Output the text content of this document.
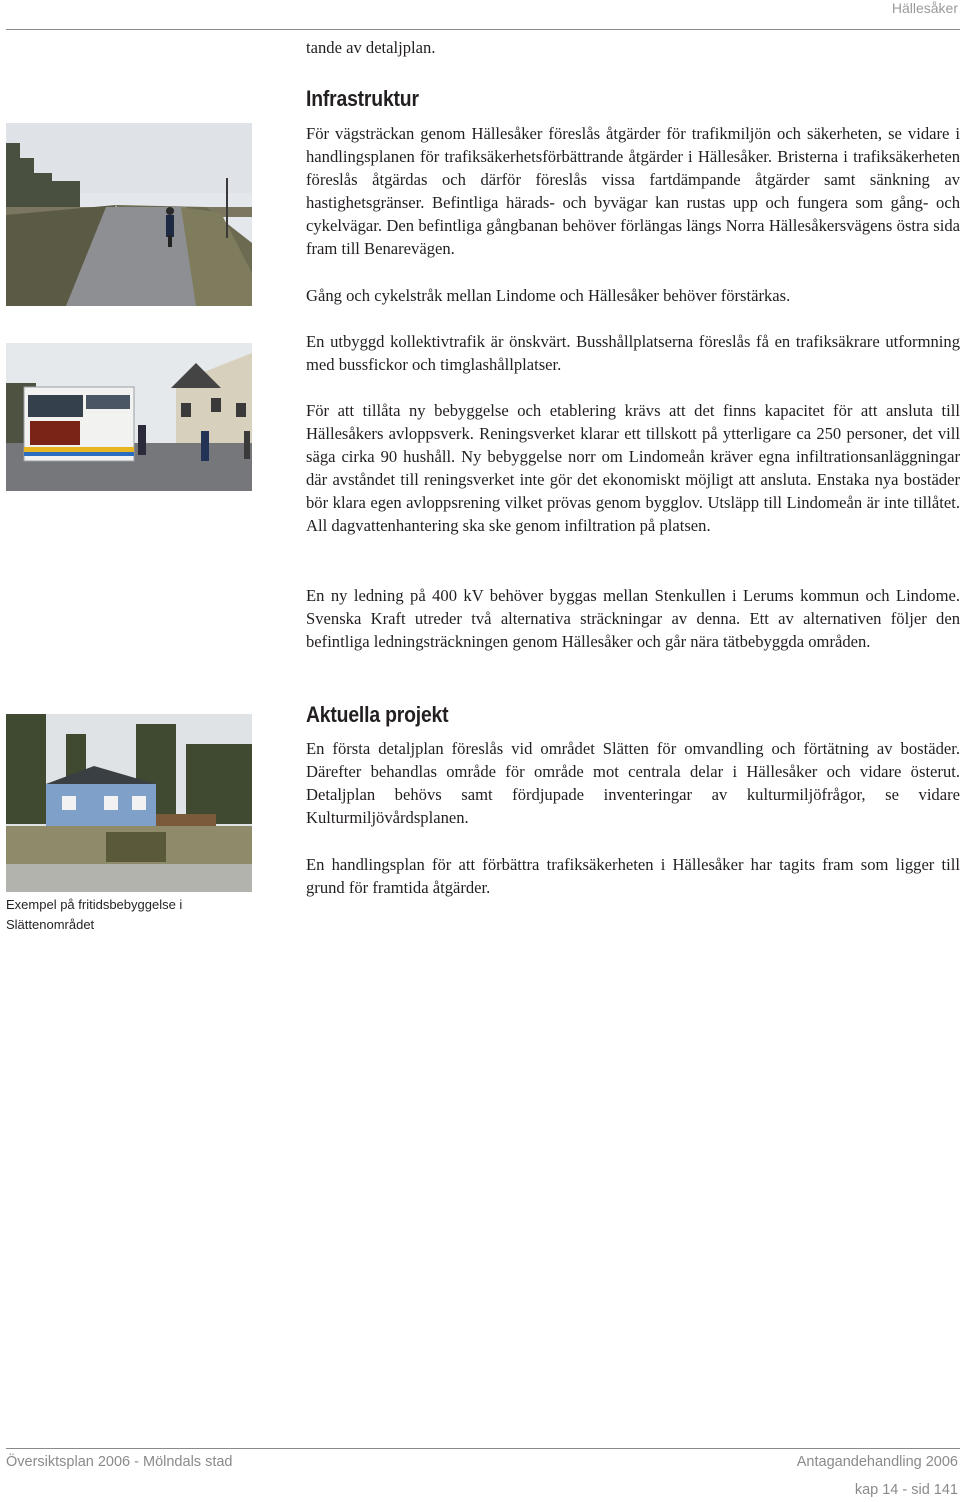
Hällesåker

tande av detaljplan.

Infrastruktur

För vägsträckan genom Hällesåker föreslås åtgärder för trafikmiljön och säkerheten, se vidare i handlingsplanen för trafiksäkerhetsförbättrande åtgärder i Hällesåker. Bristerna i trafiksäkerheten föreslås åtgärdas och därför föreslås vissa fartdämpande åtgärder samt sänkning av hastighetsgränser. Befintliga härads- och byvägar kan rustas upp och fungera som gång- och cykelvägar. Den befintliga gångbanan behöver förlängas längs Norra Hällesåkersvägens östra sida fram till Benarevägen.

Gång och cykelstråk mellan Lindome och Hällesåker behöver förstärkas.

En utbyggd kollektivtrafik är önskvärt. Busshållplatserna föreslås få en trafiksäkrare utformning med bussfickor och timglashållplatser.

För att tillåta ny bebyggelse och etablering krävs att det finns kapacitet för att ansluta till Hällesåkers avloppsverk. Reningsverket klarar ett tillskott på ytterligare ca 250 personer, det vill säga cirka 90 hushåll. Ny bebyggelse norr om Lindomeån kräver egna infiltrationsanläggningar där avståndet till reningsverket inte gör det ekonomiskt möjligt att ansluta. Enstaka nya bostäder bör klara egen avloppsrening vilket prövas genom bygglov. Utsläpp till Lindomeån är inte tillåtet. All dagvattenhantering ska ske genom infiltration på platsen.

En ny ledning på 400 kV behöver byggas mellan Stenkullen i Lerums kommun och Lindome. Svenska Kraft utreder två alternativa sträckningar av denna. Ett av alternativen följer den befintliga ledningsträckningen genom Hällesåker och går nära tätbebyggda områden.

Aktuella projekt

En första detaljplan föreslås vid området Slätten för omvandling och förtätning av bostäder. Därefter behandlas område för område mot centrala delar i Hällesåker och vidare österut. Detaljplan behövs samt fördjupade inventeringar av kulturmiljöfrågor, se vidare Kulturmiljövårdsplanen.

En handlingsplan för att förbättra trafiksäkerheten i Hällesåker har tagits fram som ligger till grund för framtida åtgärder.

Exempel på fritidsbebyggelse i Slättenområdet
Översiktsplan 2006 - Mölndals stad	Antagandehandling 2006
kap 14 - sid 141
